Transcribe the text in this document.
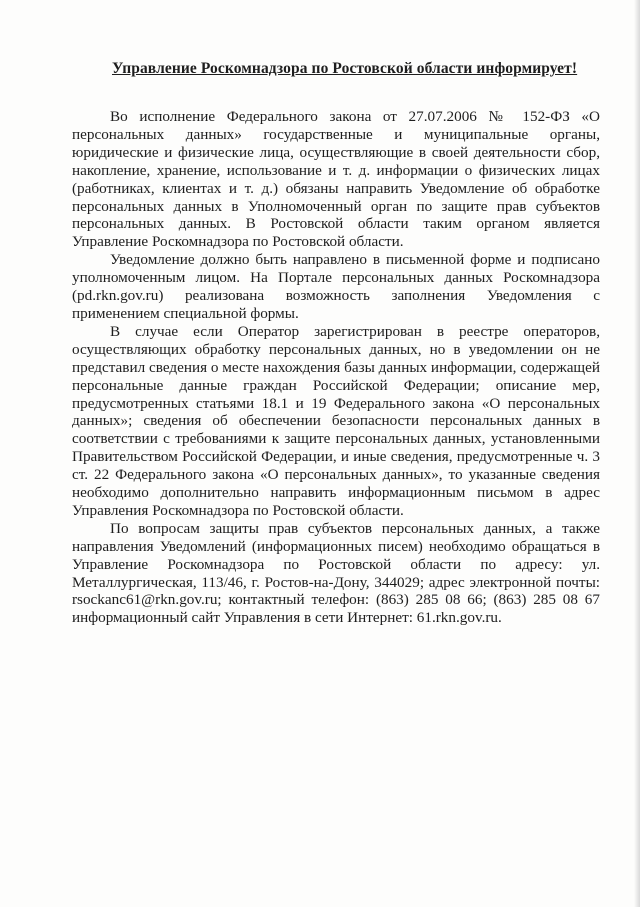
Управление Роскомнадзора по Ростовской области информирует!

Во исполнение Федерального закона от 27.07.2006 № 152-ФЗ «О персональных данных» государственные и муниципальные органы, юридические и физические лица, осуществляющие в своей деятельности сбор, накопление, хранение, использование и т. д. информации о физических лицах (работниках, клиентах и т. д.) обязаны направить Уведомление об обработке персональных данных в Уполномоченный орган по защите прав субъектов персональных данных. В Ростовской области таким органом является Управление Роскомнадзора по Ростовской области.

Уведомление должно быть направлено в письменной форме и подписано уполномоченным лицом. На Портале персональных данных Роскомнадзора (pd.rkn.gov.ru) реализована возможность заполнения Уведомления с применением специальной формы.

В случае если Оператор зарегистрирован в реестре операторов, осуществляющих обработку персональных данных, но в уведомлении он не представил сведения о месте нахождения базы данных информации, содержащей персональные данные граждан Российской Федерации; описание мер, предусмотренных статьями 18.1 и 19 Федерального закона «О персональных данных»; сведения об обеспечении безопасности персональных данных в соответствии с требованиями к защите персональных данных, установленными Правительством Российской Федерации, и иные сведения, предусмотренные ч. 3 ст. 22 Федерального закона «О персональных данных», то указанные сведения необходимо дополнительно направить информационным письмом в адрес Управления Роскомнадзора по Ростовской области.

По вопросам защиты прав субъектов персональных данных, а также направления Уведомлений (информационных писем) необходимо обращаться в Управление Роскомнадзора по Ростовской области по адресу: ул. Металлургическая, 113/46, г. Ростов-на-Дону, 344029; адрес электронной почты: rsockanc61@rkn.gov.ru; контактный телефон: (863) 285 08 66; (863) 285 08 67 информационный сайт Управления в сети Интернет: 61.rkn.gov.ru.
